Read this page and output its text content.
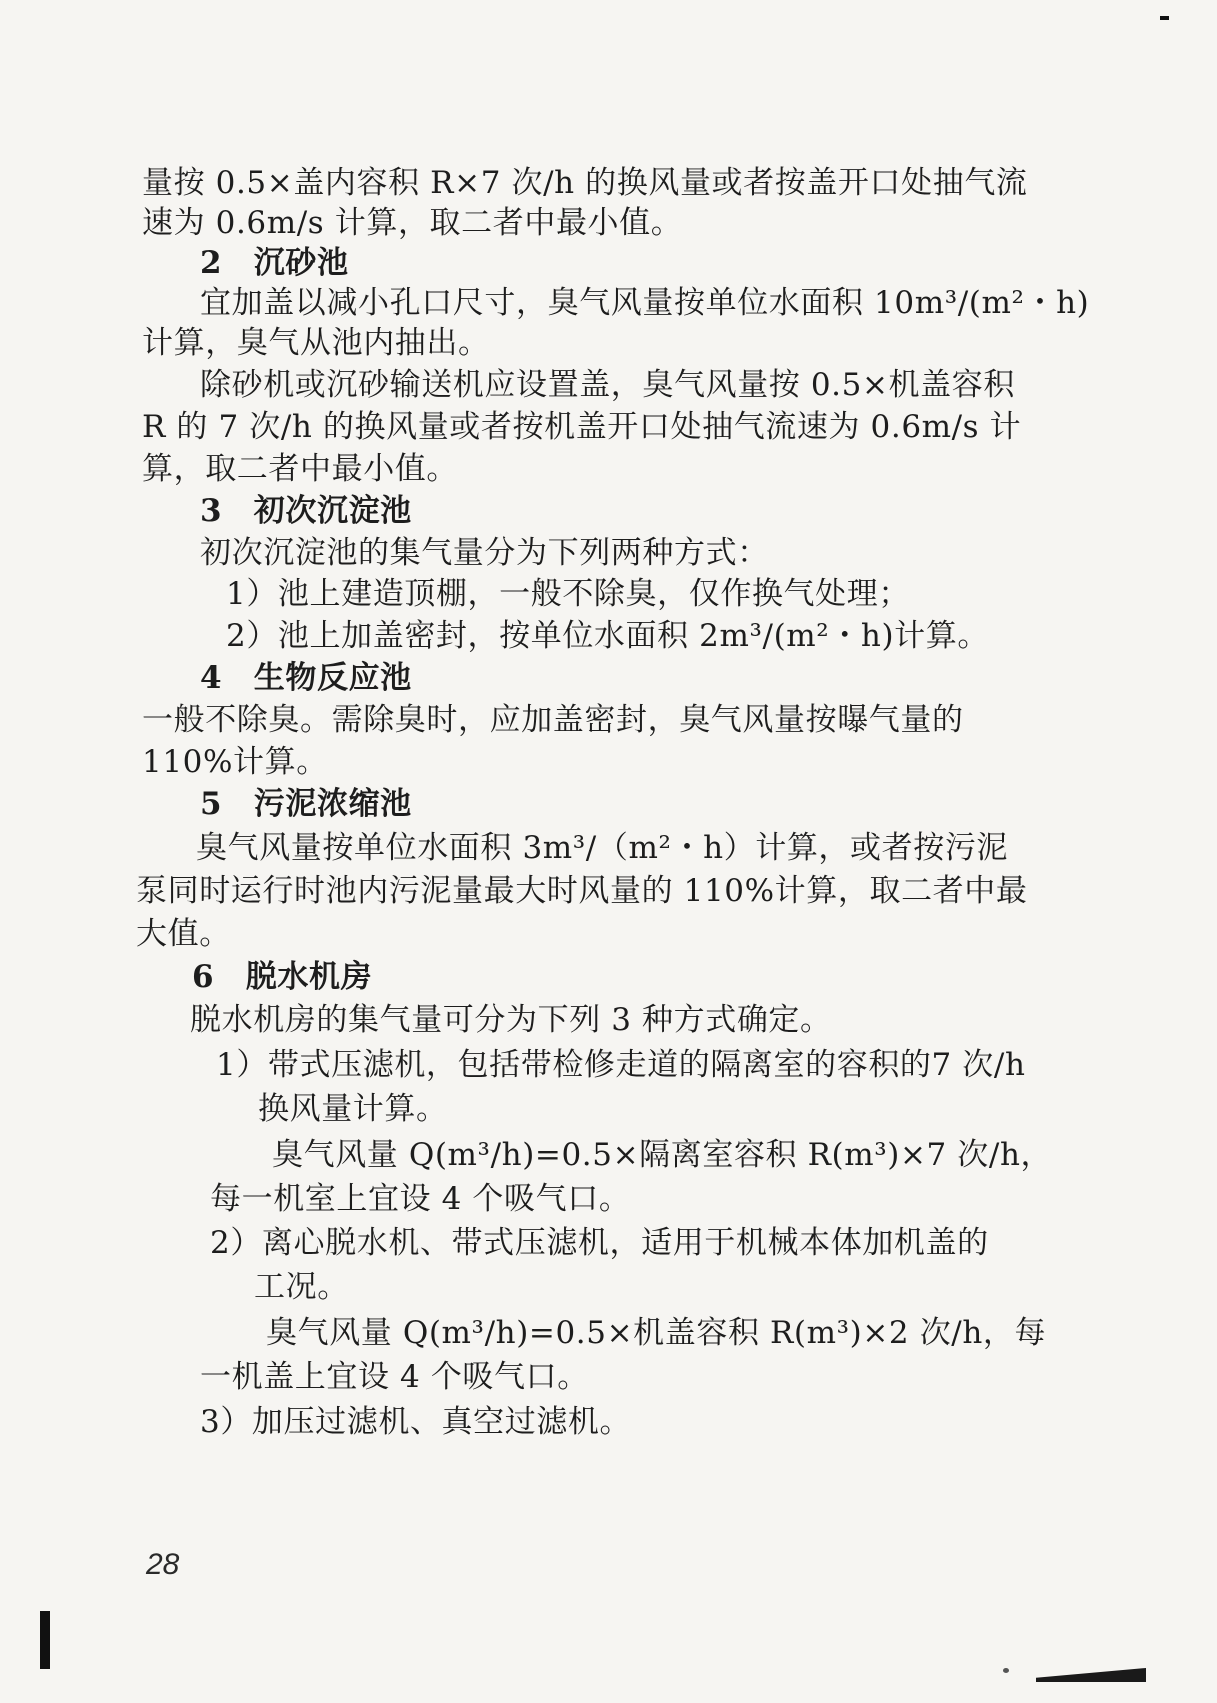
量按 0.5×盖内容积 R×7 次/h 的换风量或者按盖开口处抽气流
速为 0.6m/s 计算，取二者中最小值。
2　沉砂池
宜加盖以减小孔口尺寸，臭气风量按单位水面积 10m³/(m²・h)
计算，臭气从池内抽出。
除砂机或沉砂输送机应设置盖，臭气风量按 0.5×机盖容积
R 的 7 次/h 的换风量或者按机盖开口处抽气流速为 0.6m/s 计
算，取二者中最小值。
3　初次沉淀池
初次沉淀池的集气量分为下列两种方式：
1）池上建造顶棚，一般不除臭，仅作换气处理；
2）池上加盖密封，按单位水面积 2m³/(m²・h)计算。
4　生物反应池
一般不除臭。需除臭时，应加盖密封，臭气风量按曝气量的
110%计算。
5　污泥浓缩池
臭气风量按单位水面积 3m³/（m²・h）计算，或者按污泥
泵同时运行时池内污泥量最大时风量的 110%计算，取二者中最
大值。
6　脱水机房
脱水机房的集气量可分为下列 3 种方式确定。
1）带式压滤机，包括带检修走道的隔离室的容积的7 次/h
换风量计算。
臭气风量 Q(m³/h)=0.5×隔离室容积 R(m³)×7 次/h，
每一机室上宜设 4 个吸气口。
2）离心脱水机、带式压滤机，适用于机械本体加机盖的
工况。
臭气风量 Q(m³/h)=0.5×机盖容积 R(m³)×2 次/h，每
一机盖上宜设 4 个吸气口。
3）加压过滤机、真空过滤机。
28
